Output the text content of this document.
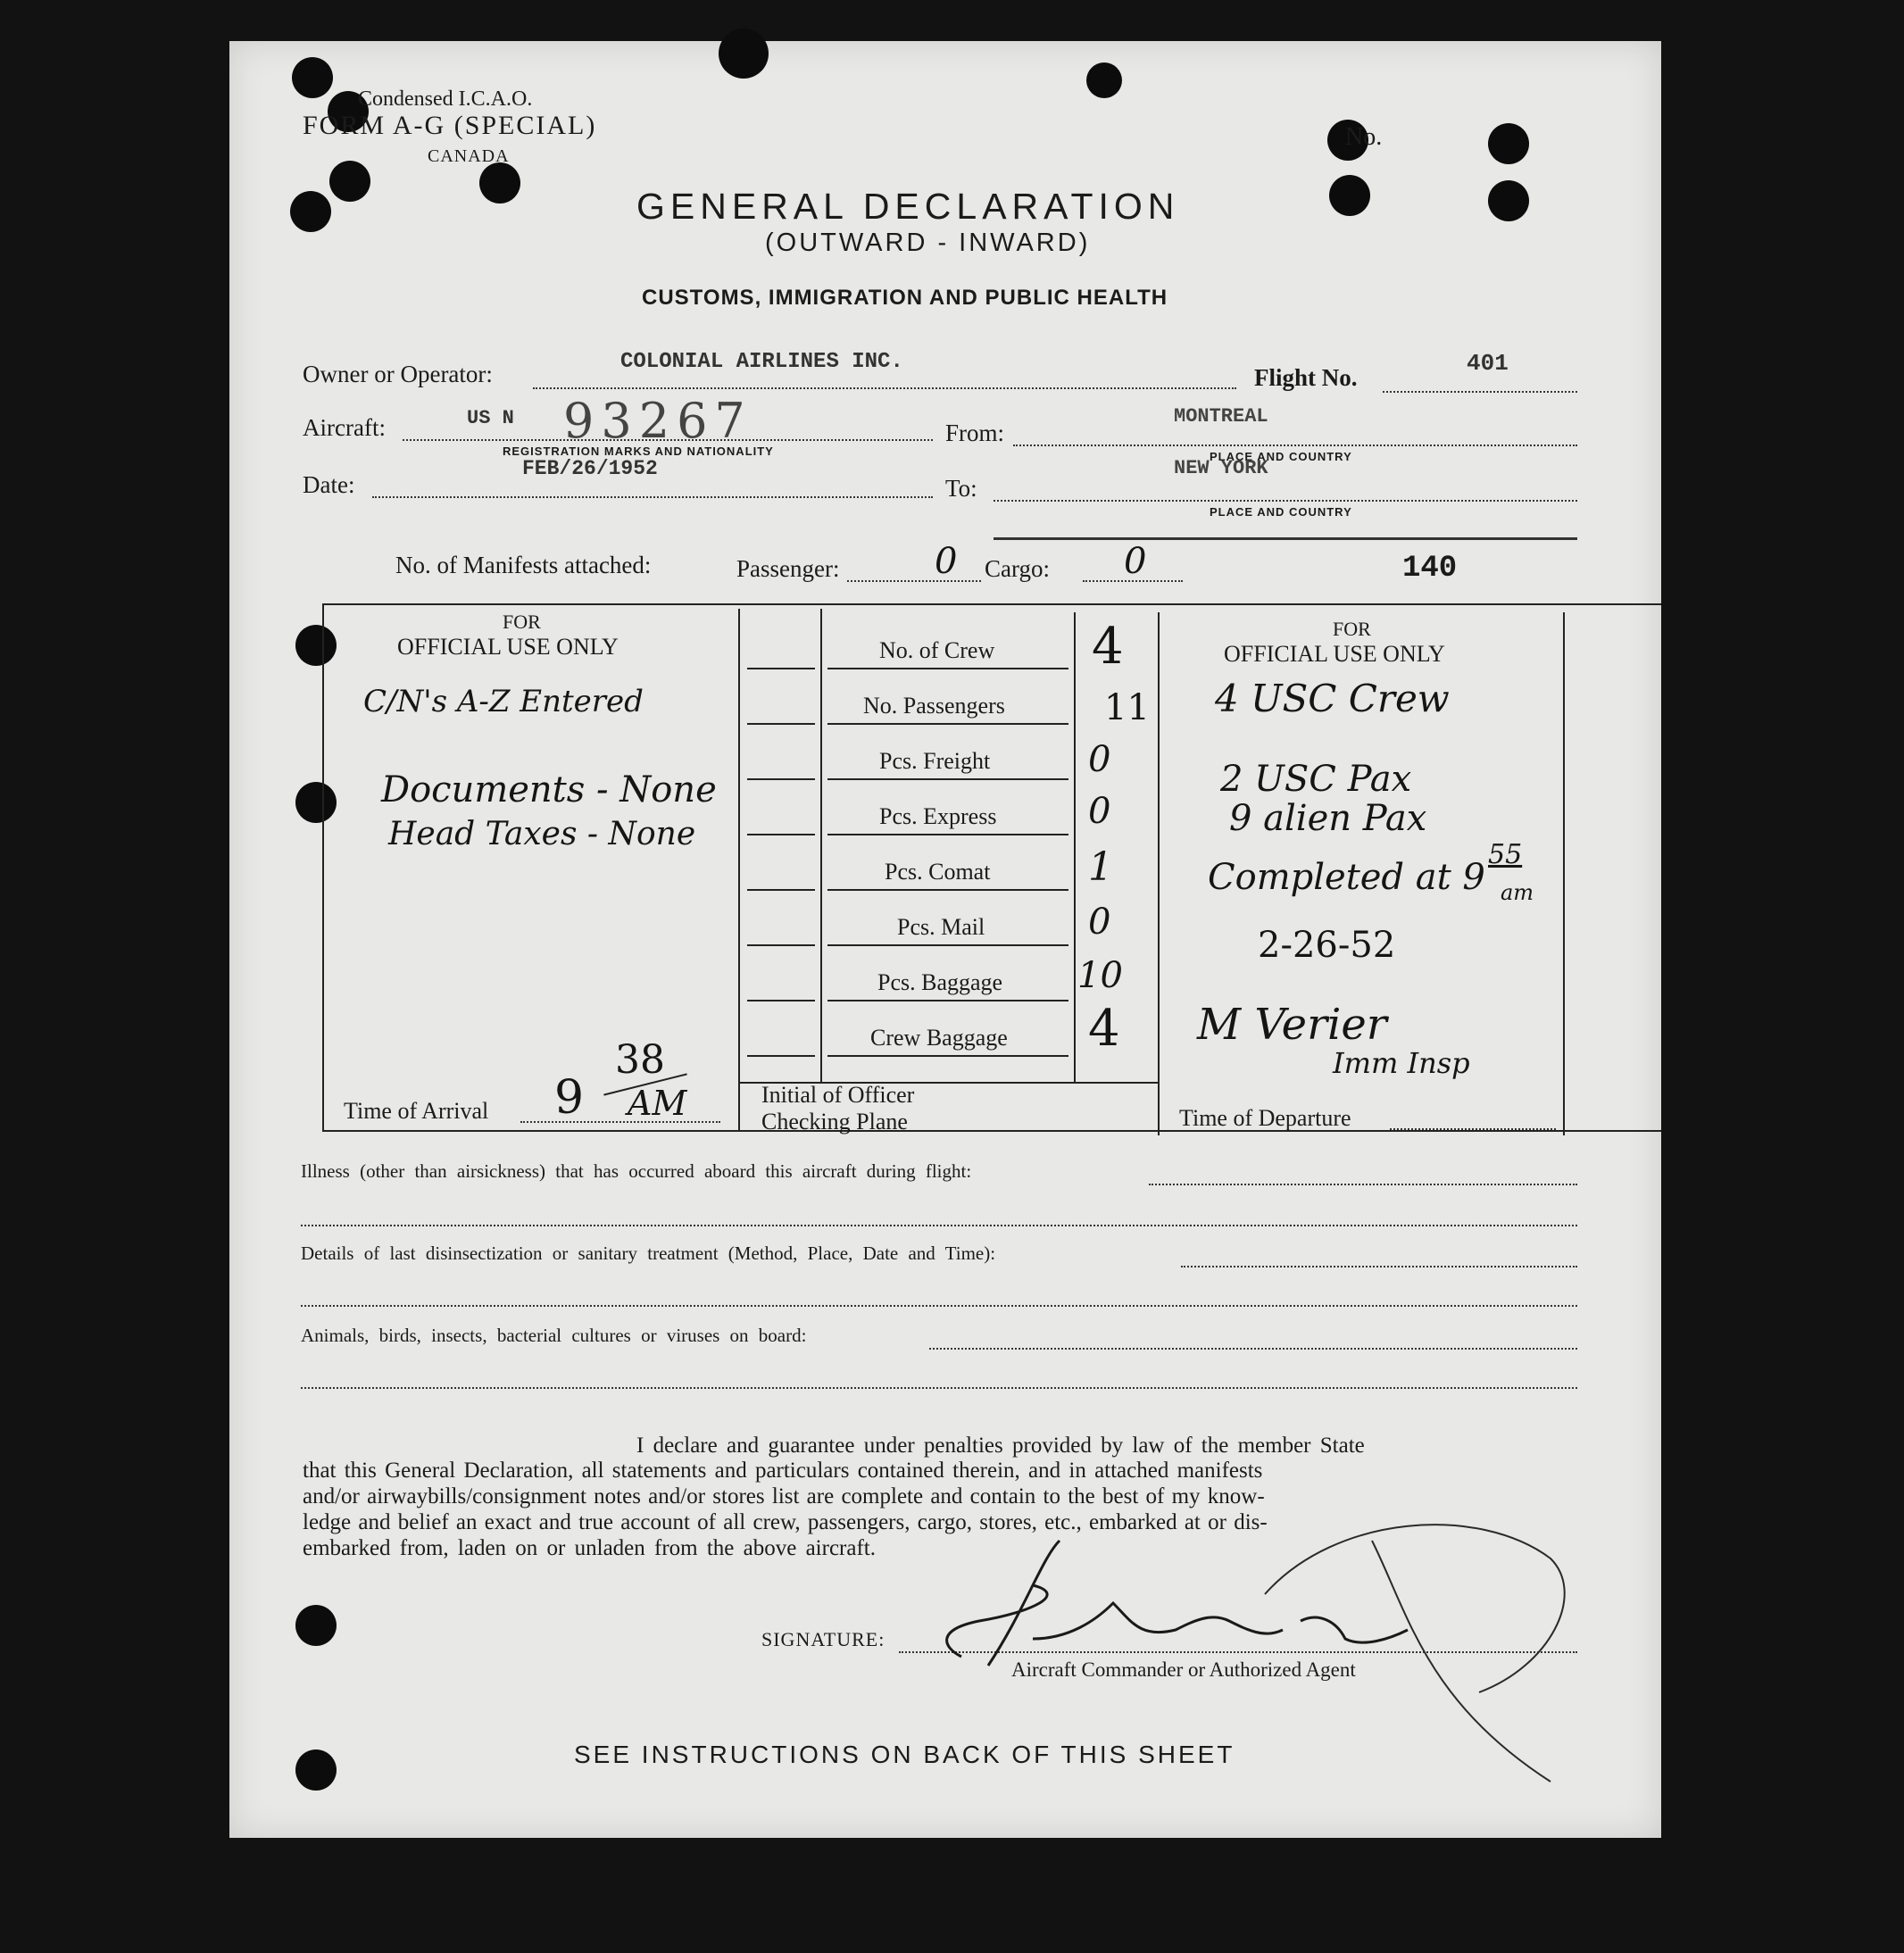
Condensed I.C.A.O.
FORM A-G (SPECIAL)
CANADA
No.
GENERAL DECLARATION
(OUTWARD - INWARD)
CUSTOMS, IMMIGRATION AND PUBLIC HEALTH
Owner or Operator:	COLONIAL AIRLINES INC.
Flight No.
401
Aircraft:	US N 93267
REGISTRATION MARKS AND NATIONALITY
From:
MONTREAL
PLACE AND COUNTRY
Date:
FEB/26/1952
To:
NEW YORK
PLACE AND COUNTRY
No. of Manifests attached:	Passenger:	0 Cargo: 0	140
FOR
OFFICIAL USE ONLY
C/N's A-Z Entered
Documents - None
Head Taxes - None
Time of Arrival 9
38
AM
No. of Crew 4
No. Passengers	11
Pcs. Freight	0
Pcs. Express	0
Pcs. Comat 1
Pcs. Mail	0
Pcs. Baggage 10
Crew Baggage 4
Initial of Officer
Checking Plane
FOR
OFFICIAL USE ONLY
4 USC Crew
2 USC Pax
9 alien Pax
Completed at 9
55
am
2-26-52
M Verier
Imm Insp
Time of Departure
Illness (other than airsickness) that has occurred aboard this aircraft during flight:
Details of last disinsectization or sanitary treatment (Method, Place, Date and Time):
Animals, birds, insects, bacterial cultures or viruses on board:
I declare and guarantee under penalties provided by law of the member State
that this General Declaration, all statements and particulars contained therein, and in attached manifests
and/or airwaybills/consignment notes and/or stores list are complete and contain to the best of my know-
ledge and belief an exact and true account of all crew, passengers, cargo, stores, etc., embarked at or dis-
embarked from, laden on or unladen from the above aircraft.
SIGNATURE:
Aircraft Commander or Authorized Agent
SEE INSTRUCTIONS ON BACK OF THIS SHEET
